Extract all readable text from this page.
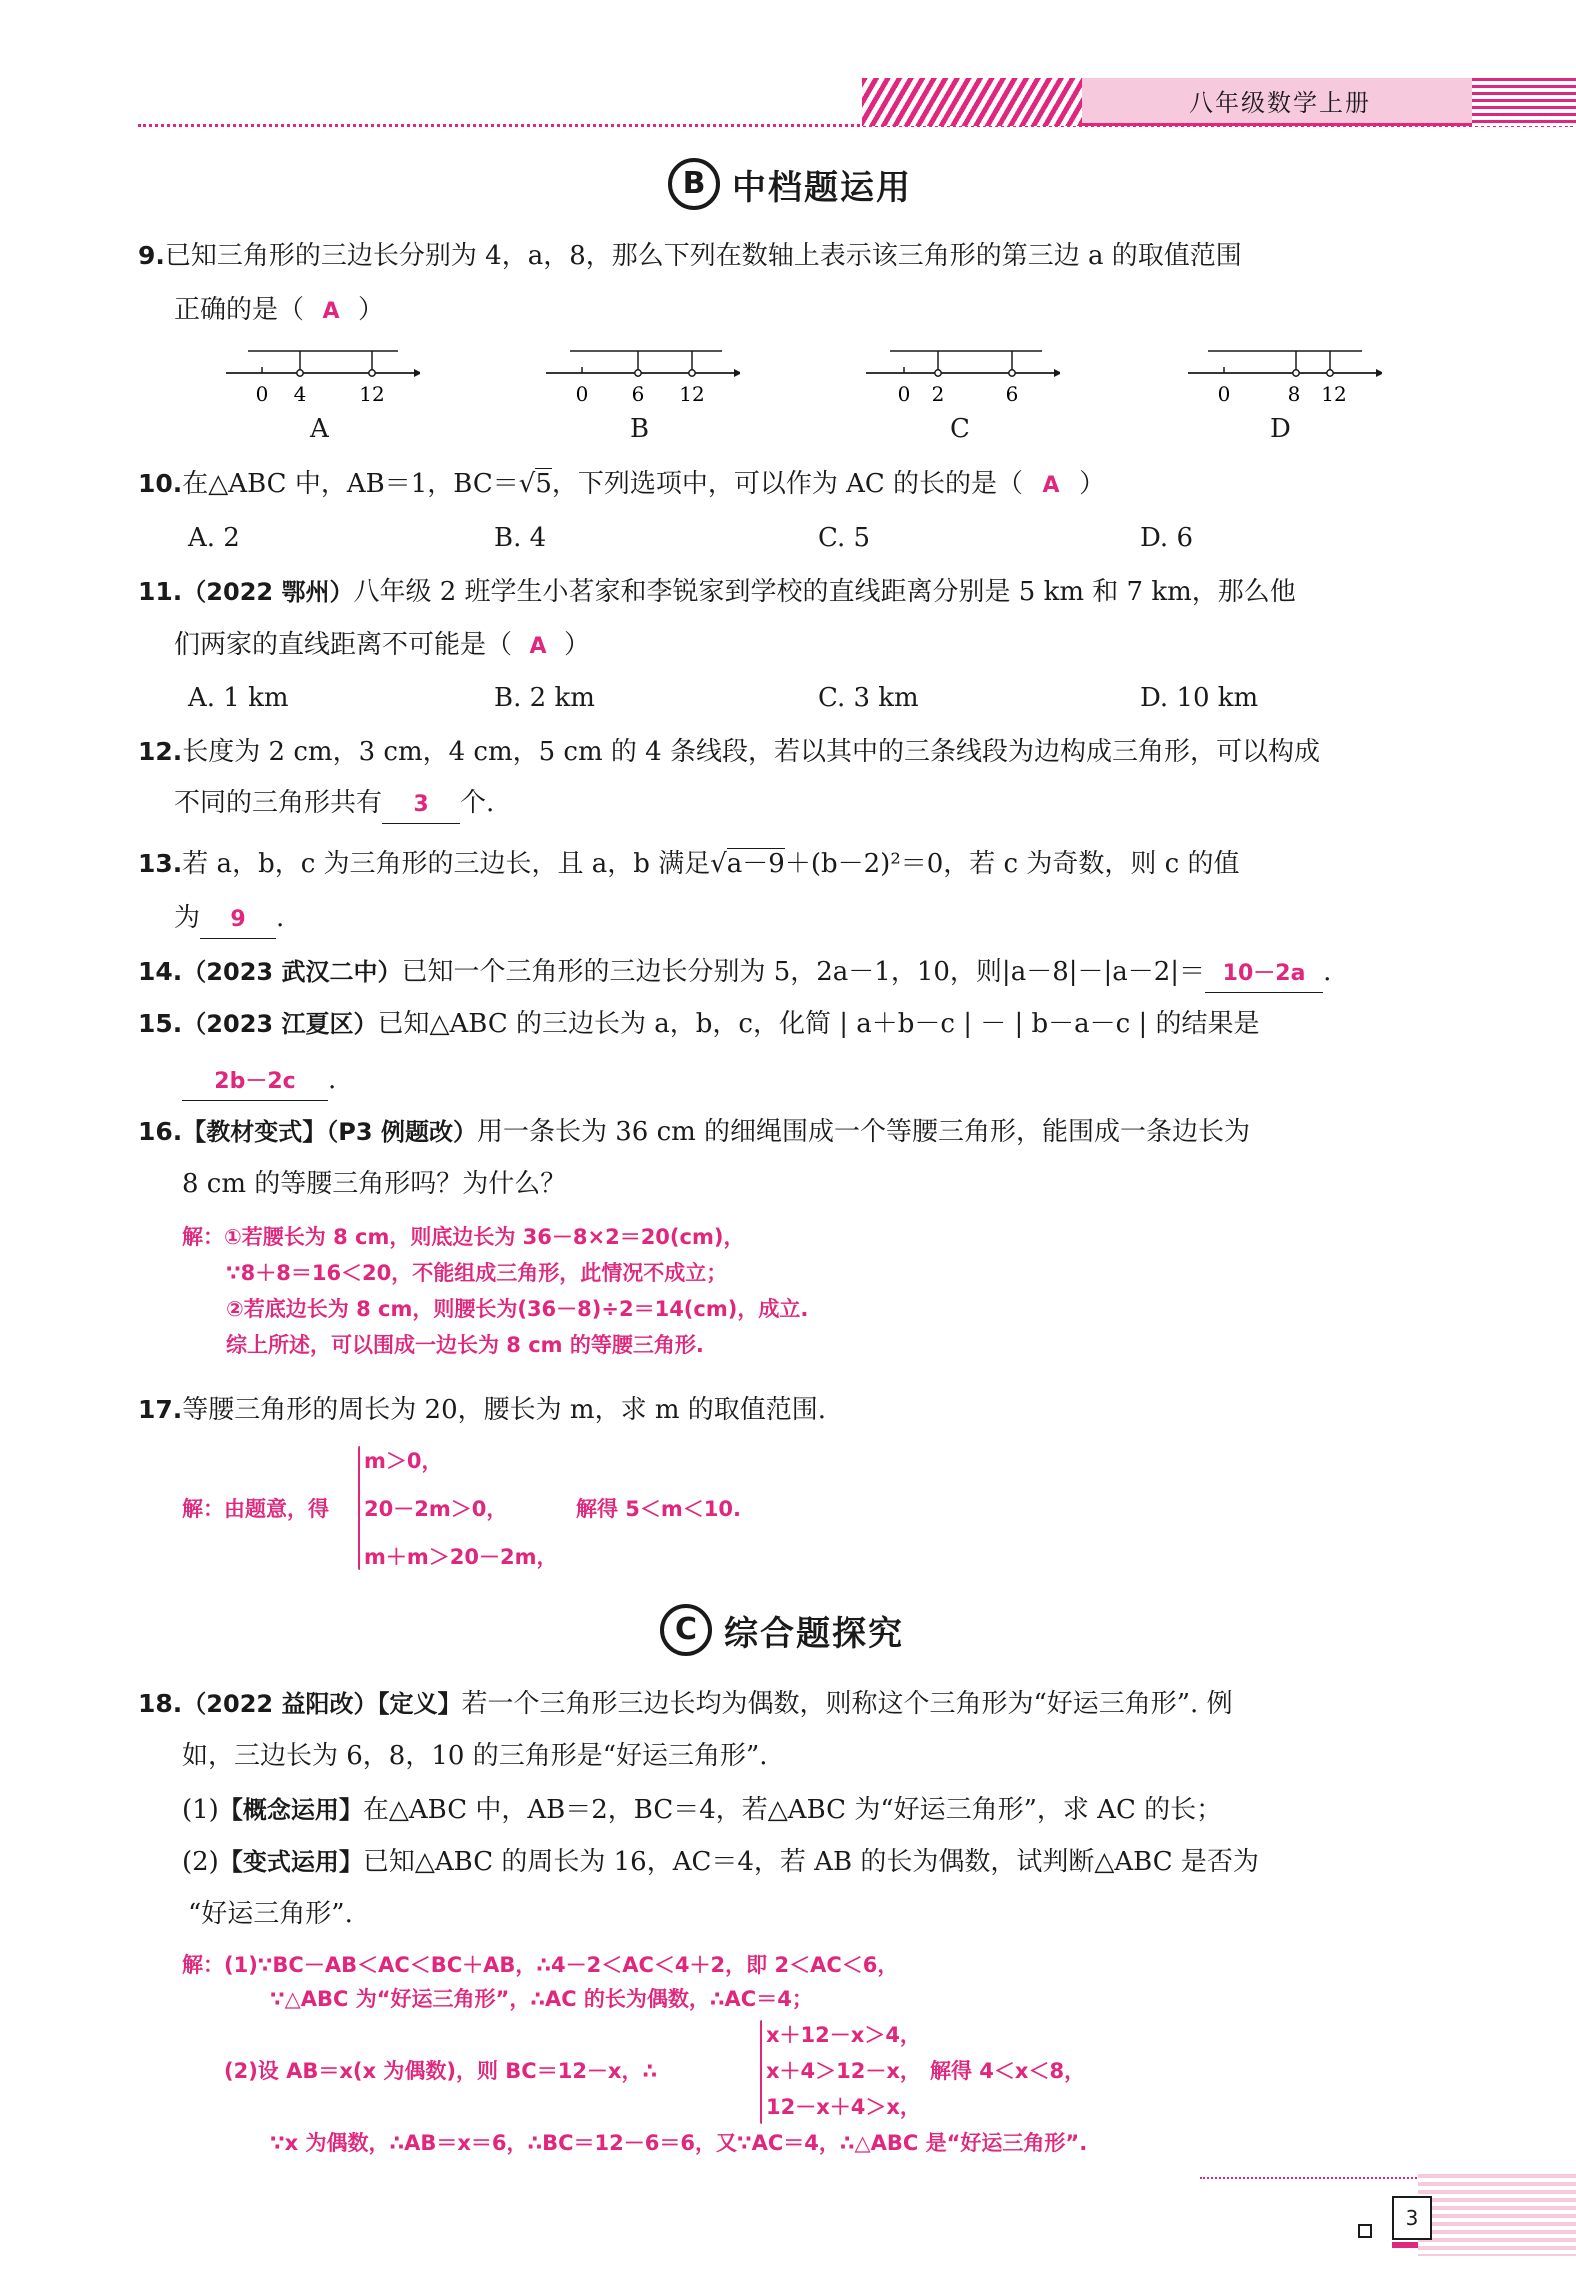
八年级数学上册
B 中档题运用
9.已知三角形的三边长分别为 4，a，8，那么下列在数轴上表示该三角形的第三边 a 的取值范围
正确的是（ A ）
0 4	12
A
0 6 12
B
0 2	6
C
0	8 12
D
10.在△ABC 中，AB＝1，BC＝√5，下列选项中，可以作为 AC 的长的是（ A ）
A. 2	B. 4	C. 5	D. 6
11.（2022 鄂州）八年级 2 班学生小茗家和李锐家到学校的直线距离分别是 5 km 和 7 km，那么他
们两家的直线距离不可能是（ A ）
A. 1 km	B. 2 km	C. 3 km	D. 10 km
12.长度为 2 cm，3 cm，4 cm，5 cm 的 4 条线段，若以其中的三条线段为边构成三角形，可以构成
不同的三角形共有 3 个.
13.若 a，b，c 为三角形的三边长，且 a，b 满足√a－9＋(b－2)²＝0，若 c 为奇数，则 c 的值
为 9 .
14.（2023 武汉二中）已知一个三角形的三边长分别为 5，2a－1，10，则|a－8|－|a－2|＝ 10－2a .
15.（2023 江夏区）已知△ABC 的三边长为 a，b，c，化简 | a＋b－c | － | b－a－c | 的结果是
2b－2c .
16.【教材变式】（P3 例题改）用一条长为 36 cm 的细绳围成一个等腰三角形，能围成一条边长为
8 cm 的等腰三角形吗？为什么？
解：①若腰长为 8 cm，则底边长为 36－8×2＝20(cm)，
∵8＋8＝16＜20，不能组成三角形，此情况不成立；
②若底边长为 8 cm，则腰长为(36－8)÷2＝14(cm)，成立.
综上所述，可以围成一边长为 8 cm 的等腰三角形.
17.等腰三角形的周长为 20，腰长为 m，求 m 的取值范围.
解：由题意，得
m＞0，
20－2m＞0，
m＋m＞20－2m，
解得 5＜m＜10.
C 综合题探究
18.（2022 益阳改）【定义】若一个三角形三边长均为偶数，则称这个三角形为“好运三角形”. 例
如，三边长为 6，8，10 的三角形是“好运三角形”.
(1)【概念运用】在△ABC 中，AB＝2，BC＝4，若△ABC 为“好运三角形”，求 AC 的长；
(2)【变式运用】已知△ABC 的周长为 16，AC＝4，若 AB 的长为偶数，试判断△ABC 是否为
“好运三角形”.
解：(1)∵BC－AB＜AC＜BC＋AB，∴4－2＜AC＜4＋2，即 2＜AC＜6，
∵△ABC 为“好运三角形”，∴AC 的长为偶数，∴AC＝4；
(2)设 AB＝x(x 为偶数)，则 BC＝12－x，∴
x＋12－x＞4，
x＋4＞12－x，
12－x＋4＞x，
解得 4＜x＜8，
∵x 为偶数，∴AB＝x＝6，∴BC＝12－6＝6，又∵AC＝4，∴△ABC 是“好运三角形”.
3
